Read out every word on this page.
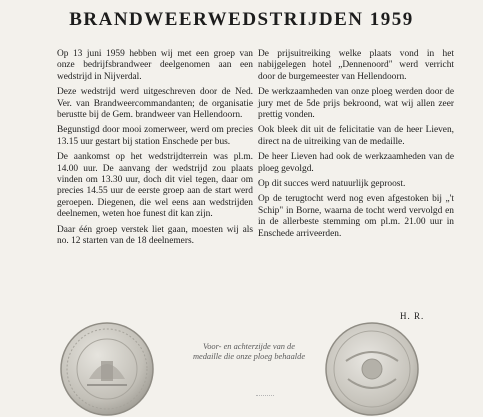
BRANDWEERWEDSTRIJDEN 1959

Op 13 juni 1959 hebben wij met een groep van onze bedrijfsbrandweer deelgenomen aan een wedstrijd in Nijverdal.

Deze wedstrijd werd uitgeschreven door de Ned. Ver. van Brandweercommandanten; de organisatie berustte bij de Gem. brandweer van Hellendoorn.

Begunstigd door mooi zomerweer, werd om precies 13.15 uur gestart bij station Enschede per bus.

De aankomst op het wedstrijdterrein was pl.m. 14.00 uur. De aanvang der wedstrijd zou plaats vinden om 13.30 uur, doch dit viel tegen, daar om precies 14.55 uur de eerste groep aan de start werd geroepen. Diegenen, die wel eens aan wedstrijden deelnemen, weten hoe funest dit kan zijn.

Daar één groep verstek liet gaan, moesten wij als no. 12 starten van de 18 deelnemers.

De prijsuitreiking welke plaats vond in het nabijgelegen hotel „Dennenoord" werd verricht door de burgemeester van Hellendoorn.

De werkzaamheden van onze ploeg werden door de jury met de 5de prijs bekroond, wat wij allen zeer prettig vonden.

Ook bleek dit uit de felicitatie van de heer Lieven, direct na de uitreiking van de medaille.

De heer Lieven had ook de werkzaamheden van de ploeg gevolgd.

Op dit succes werd natuurlijk geproost.

Op de terugtocht werd nog even afgestoken bij „'t Schip" in Borne, waarna de tocht werd vervolgd en in de allerbeste stemming om pl.m. 21.00 uur in Enschede arriveerden.

H. R.
Voor- en achterzijde van de medaille die onze ploeg behaalde
